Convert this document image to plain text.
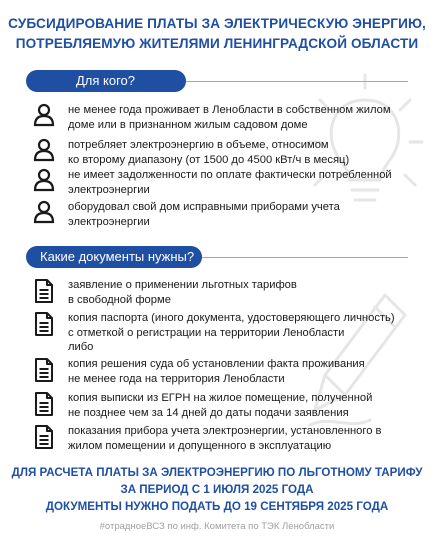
СУБСИДИРОВАНИЕ ПЛАТЫ ЗА ЭЛЕКТРИЧЕСКУЮ ЭНЕРГИЮ,
ПОТРЕБЛЯЕМУЮ ЖИТЕЛЯМИ ЛЕНИНГРАДСКОЙ ОБЛАСТИ
Для кого?
не менее года проживает в Ленобласти в собственном жилом
доме или в признанном жилым садовом доме
потребляет электроэнергию в объеме, относимом
ко второму диапазону (от 1500 до 4500 кВт/ч в месяц)
не имеет задолженности по оплате фактически потребленной
электроэнергии
оборудовал свой дом исправными приборами учета
электроэнергии
Какие документы нужны?
заявление о применении льготных тарифов
в свободной форме
копия паспорта (иного документа, удостоверяющего личность)
с отметкой о регистрации на территории Ленобласти
либо
копия решения суда об установлении факта проживания
не менее года на территория Ленобласти
копия выписки из ЕГРН на жилое помещение, полученной
не позднее чем за 14 дней до даты подачи заявления
показания прибора учета электроэнергии, установленного в
жилом помещении и допущенного в эксплуатацию
ДЛЯ РАСЧЕТА ПЛАТЫ ЗА ЭЛЕКТРОЭНЕРГИЮ ПО ЛЬГОТНОМУ ТАРИФУ
ЗА ПЕРИОД С 1 ИЮЛЯ 2025 ГОДА
ДОКУМЕНТЫ НУЖНО ПОДАТЬ ДО 19 СЕНТЯБРЯ 2025 ГОДА
#отрадноеВСЗ по инф. Комитета по ТЭК Ленобласти
